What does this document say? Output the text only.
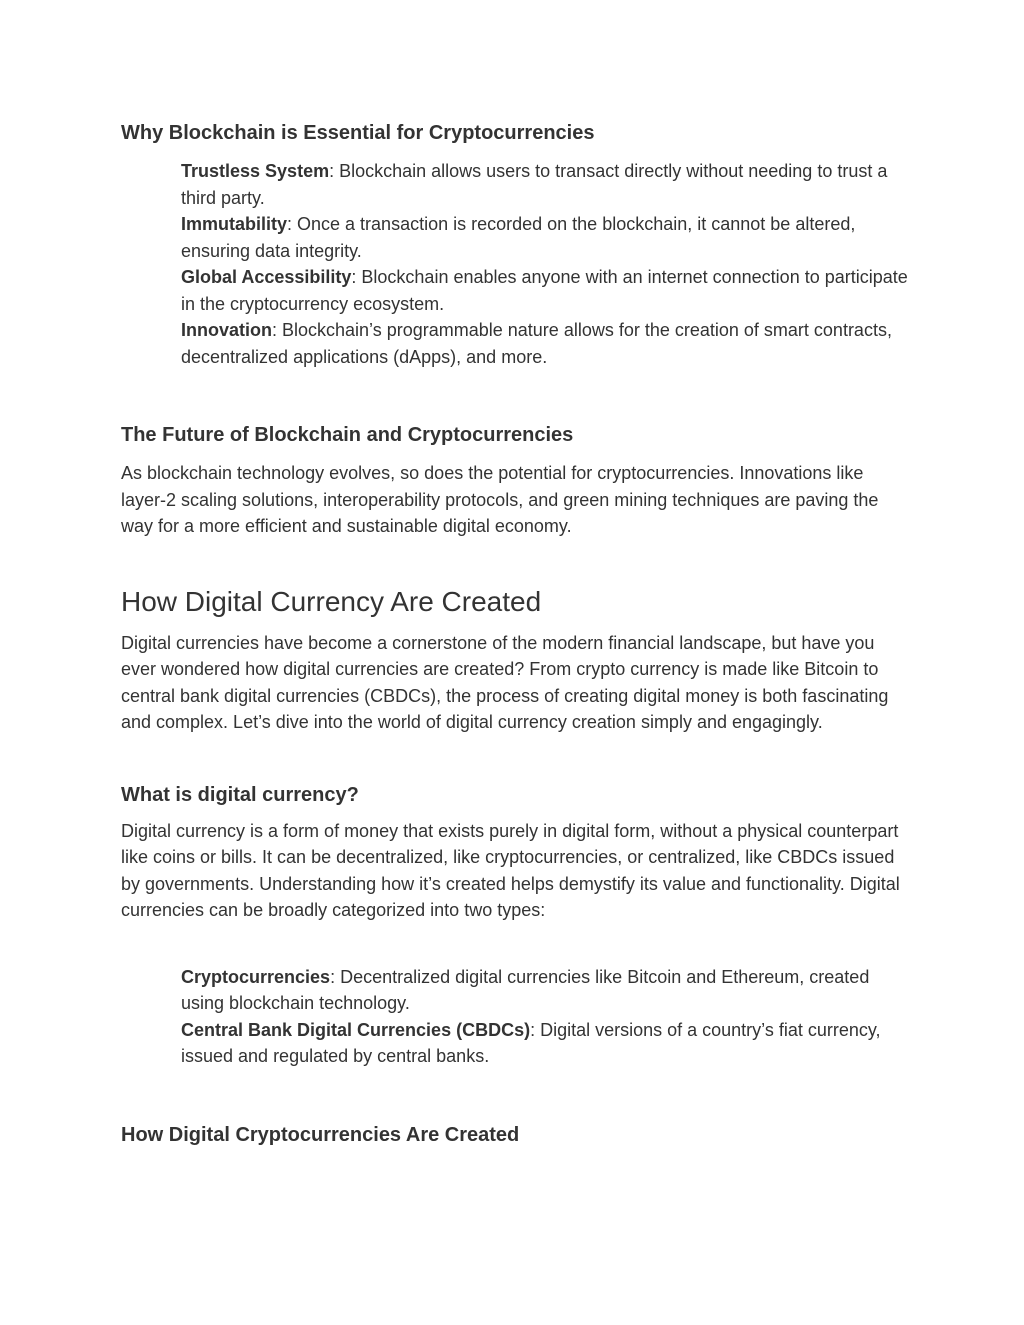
Why Blockchain is Essential for Cryptocurrencies
Trustless System: Blockchain allows users to transact directly without needing to trust a third party.
Immutability: Once a transaction is recorded on the blockchain, it cannot be altered, ensuring data integrity.
Global Accessibility: Blockchain enables anyone with an internet connection to participate in the cryptocurrency ecosystem.
Innovation: Blockchain’s programmable nature allows for the creation of smart contracts, decentralized applications (dApps), and more.
The Future of Blockchain and Cryptocurrencies

As blockchain technology evolves, so does the potential for cryptocurrencies. Innovations like layer-2 scaling solutions, interoperability protocols, and green mining techniques are paving the way for a more efficient and sustainable digital economy.

How Digital Currency Are Created

Digital currencies have become a cornerstone of the modern financial landscape, but have you ever wondered how digital currencies are created? From crypto currency is made like Bitcoin to central bank digital currencies (CBDCs), the process of creating digital money is both fascinating and complex. Let’s dive into the world of digital currency creation simply and engagingly.

What is digital currency?

Digital currency is a form of money that exists purely in digital form, without a physical counterpart like coins or bills. It can be decentralized, like cryptocurrencies, or centralized, like CBDCs issued by governments. Understanding how it’s created helps demystify its value and functionality. Digital currencies can be broadly categorized into two types:

Cryptocurrencies: Decentralized digital currencies like Bitcoin and Ethereum, created using blockchain technology.
Central Bank Digital Currencies (CBDCs): Digital versions of a country’s fiat currency, issued and regulated by central banks.
How Digital Cryptocurrencies Are Created
